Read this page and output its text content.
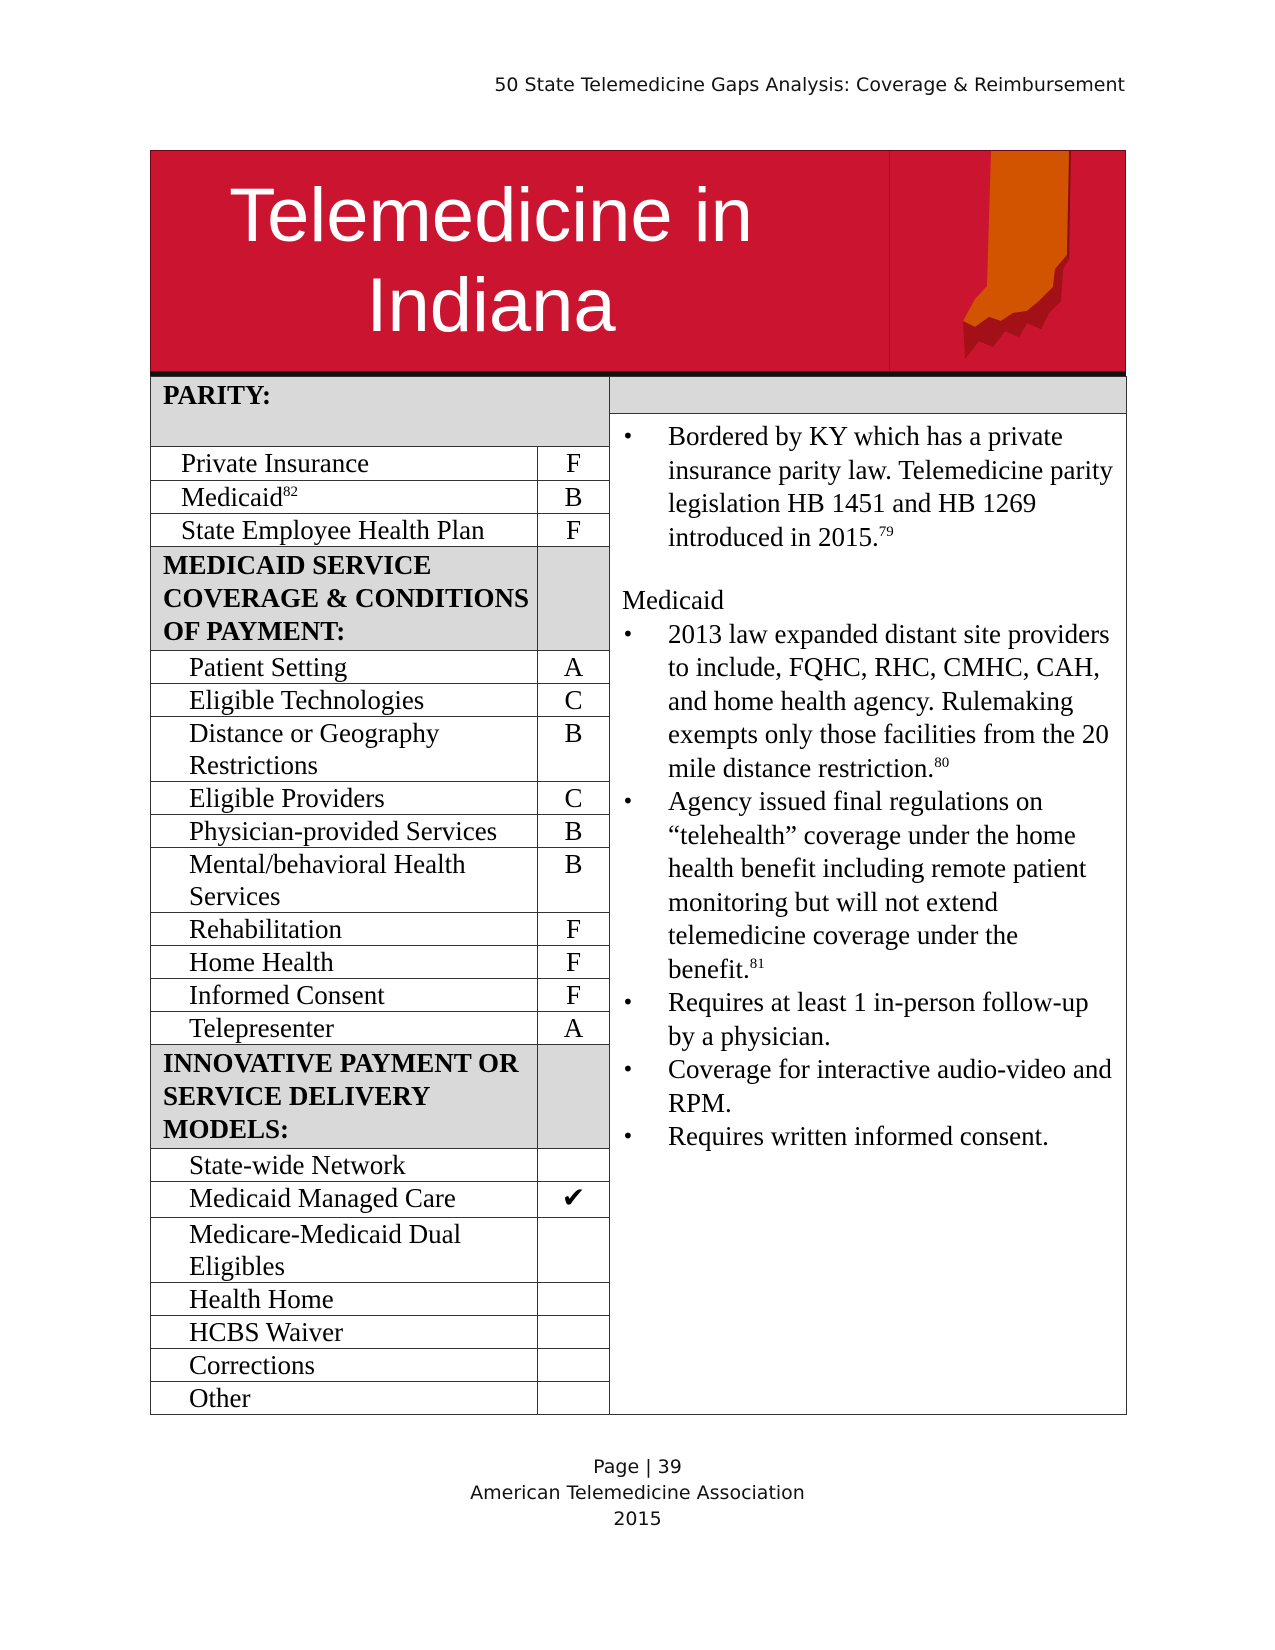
50 State Telemedicine Gaps Analysis: Coverage & Reimbursement
Telemedicine in
Indiana
PARITY:	
Private Insurance	F
Medicaid$^{82}$	B
State Employee Health Plan	F
MEDICAID SERVICE COVERAGE & CONDITIONS OF PAYMENT:	
Patient Setting	A
Eligible Technologies	C
Distance or Geography Restrictions	B
Eligible Providers	C
Physician-provided Services	B
Mental/behavioral Health Services	B
Rehabilitation	F
Home Health	F
Informed Consent	F
Telepresenter	A
INNOVATIVE PAYMENT OR SERVICE DELIVERY MODELS:	
State-wide Network	
Medicaid Managed Care	✔
Medicare-Medicaid Dual Eligibles	
Health Home	
HCBS Waiver	
Corrections	
Other	
•	Bordered by KY which has a private insurance parity law. Telemedicine parity legislation HB 1451 and HB 1269 introduced in 2015.79
Medicaid
•	2013 law expanded distant site providers to include, FQHC, RHC, CMHC, CAH, and home health agency. Rulemaking exempts only those facilities from the 20 mile distance restriction.$^{80}$
•	Agency issued final regulations on “telehealth” coverage under the home health benefit including remote patient monitoring but will not extend telemedicine coverage under the benefit.$^{81}$
•	Requires at least 1 in-person follow-up by a physician.
•	Coverage for interactive audio-video and RPM.
•	Requires written informed consent.
Page | 39
American Telemedicine Association
2015
